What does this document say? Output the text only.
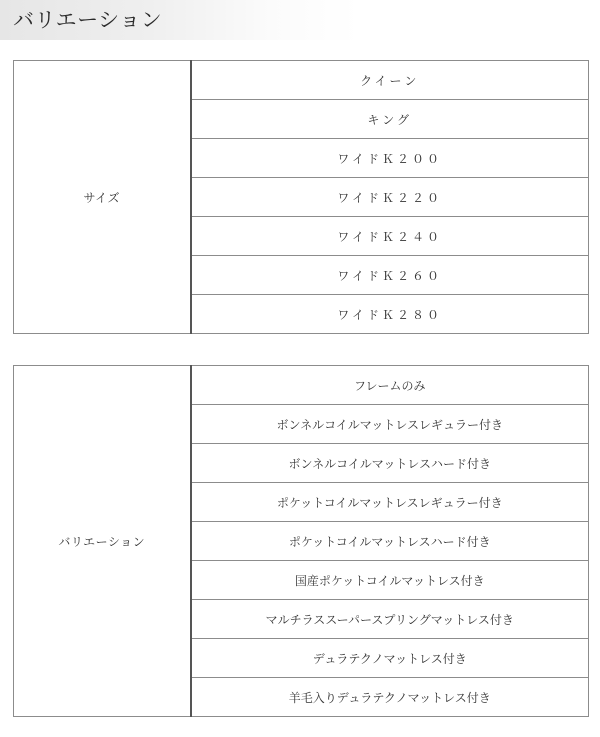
バリエーション
サイズ	クイーン
キング
ワイドＫ２００
ワイドＫ２２０
ワイドＫ２４０
ワイドＫ２６０
ワイドＫ２８０
バリエーション	フレームのみ
ボンネルコイルマットレスレギュラー付き
ボンネルコイルマットレスハード付き
ポケットコイルマットレスレギュラー付き
ポケットコイルマットレスハード付き
国産ポケットコイルマットレス付き
マルチラススーパースプリングマットレス付き
デュラテクノマットレス付き
羊毛入りデュラテクノマットレス付き
